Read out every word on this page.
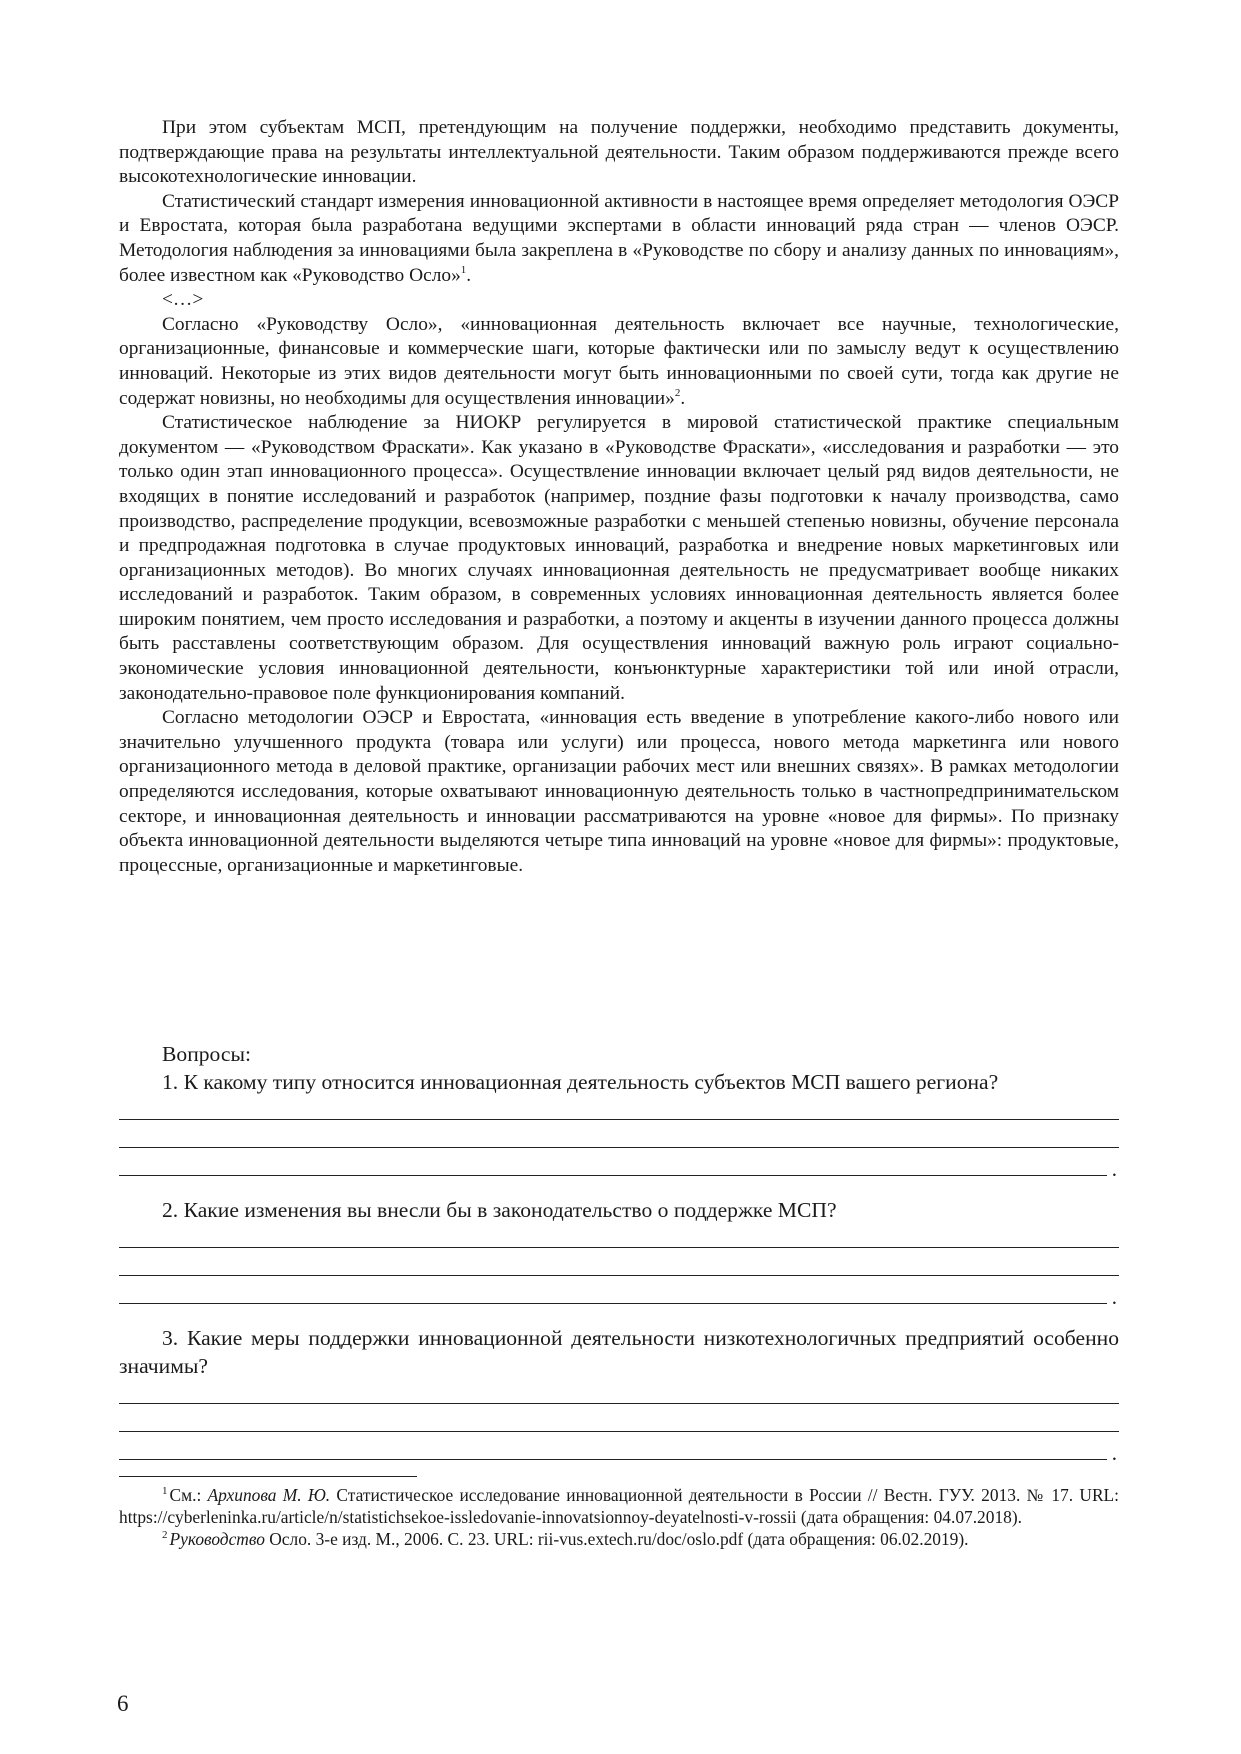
При этом субъектам МСП, претендующим на получение поддержки, необходимо представить документы, подтверждающие права на результаты интеллектуальной деятельности. Таким образом поддерживаются прежде всего высокотехнологические инновации.

Статистический стандарт измерения инновационной активности в настоящее время определяет методология ОЭСР и Евростата, которая была разработана ведущими экспертами в области инноваций ряда стран — членов ОЭСР. Методология наблюдения за инновациями была закреплена в «Руководстве по сбору и анализу данных по инновациям», более известном как «Руководство Осло»$^1$.

<…>

Согласно «Руководству Осло», «инновационная деятельность включает все научные, технологические, организационные, финансовые и коммерческие шаги, которые фактически или по замыслу ведут к осуществлению инноваций. Некоторые из этих видов деятельности могут быть инновационными по своей сути, тогда как другие не содержат новизны, но необходимы для осуществления инновации»$^2$.

Статистическое наблюдение за НИОКР регулируется в мировой статистической практике специальным документом — «Руководством Фраскати». Как указано в «Руководстве Фраскати», «исследования и разработки — это только один этап инновационного процесса». Осуществление инновации включает целый ряд видов деятельности, не входящих в понятие исследований и разработок (например, поздние фазы подготовки к началу производства, само производство, распределение продукции, всевозможные разработки с меньшей степенью новизны, обучение персонала и предпродажная подготовка в случае продуктовых инноваций, разработка и внедрение новых маркетинговых или организационных методов). Во многих случаях инновационная деятельность не предусматривает вообще никаких исследований и разработок. Таким образом, в современных условиях инновационная деятельность является более широким понятием, чем просто исследования и разработки, а поэтому и акценты в изучении данного процесса должны быть расставлены соответствующим образом. Для осуществления инноваций важную роль играют социально-экономические условия инновационной деятельности, конъюнктурные характеристики той или иной отрасли, законодательно-правовое поле функционирования компаний.

Согласно методологии ОЭСР и Евростата, «инновация есть введение в употребление какого-либо нового или значительно улучшенного продукта (товара или услуги) или процесса, нового метода маркетинга или нового организационного метода в деловой практике, организации рабочих мест или внешних связях». В рамках методологии определяются исследования, которые охватывают инновационную деятельность только в частнопредпринимательском секторе, и инновационная деятельность и инновации рассматриваются на уровне «новое для фирмы». По признаку объекта инновационной деятельности выделяются четыре типа инноваций на уровне «новое для фирмы»: продуктовые, процессные, организационные и маркетинговые.

Вопросы:

1. К какому типу относится инновационная деятельность субъектов МСП вашего региона?

.

2. Какие изменения вы внесли бы в законодательство о поддержке МСП?

.

3. Какие меры поддержки инновационной деятельности низкотехнологичных предприятий особенно значимы?

.

$^1$ См.: Архипова М. Ю. Статистическое исследование инновационной деятельности в России // Вестн. ГУУ. 2013. № 17. URL: https://cyberleninka.ru/article/n/statistichsekoe-issledovanie-innovatsionnoy-deyatelnosti-v-rossii (дата обращения: 04.07.2018).

$^2$ Руководство Осло. 3-е изд. М., 2006. С. 23. URL: rii-vus.extech.ru/doc/oslo.pdf (дата обращения: 06.02.2019).

6
